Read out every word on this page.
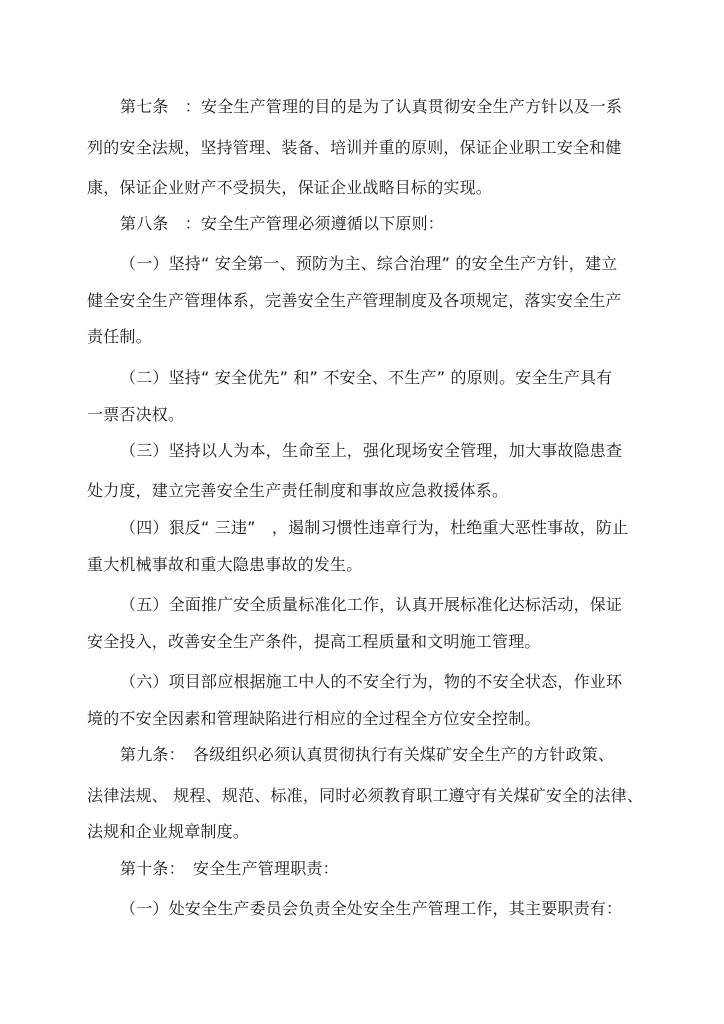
第七条　：安全生产管理的目的是为了认真贯彻安全生产方针以及一系
列的安全法规，坚持管理、装备、培训并重的原则，保证企业职工安全和健
康，保证企业财产不受损失，保证企业战略目标的实现。
第八条　：安全生产管理必须遵循以下原则：
（一）坚持“ 安全第一、预防为主、综合治理” 的安全生产方针，建立
健全安全生产管理体系，完善安全生产管理制度及各项规定，落实安全生产
责任制。
（二）坚持“ 安全优先” 和” 不安全、不生产” 的原则。安全生产具有
一票否决权。
（三）坚持以人为本，生命至上，强化现场安全管理，加大事故隐患查
处力度，建立完善安全生产责任制度和事故应急救援体系。
（四）狠反“ 三违”　，遏制习惯性违章行为，杜绝重大恶性事故，防止
重大机械事故和重大隐患事故的发生。
（五）全面推广安全质量标准化工作，认真开展标准化达标活动，保证
安全投入，改善安全生产条件，提高工程质量和文明施工管理。
（六）项目部应根据施工中人的不安全行为，物的不安全状态，作业环
境的不安全因素和管理缺陷进行相应的全过程全方位安全控制。
第九条：　各级组织必须认真贯彻执行有关煤矿安全生产的方针政策、
法律法规、 规程、规范、标准，同时必须教育职工遵守有关煤矿安全的法律、
法规和企业规章制度。
第十条：　安全生产管理职责：
（一）处安全生产委员会负责全处安全生产管理工作，其主要职责有：
